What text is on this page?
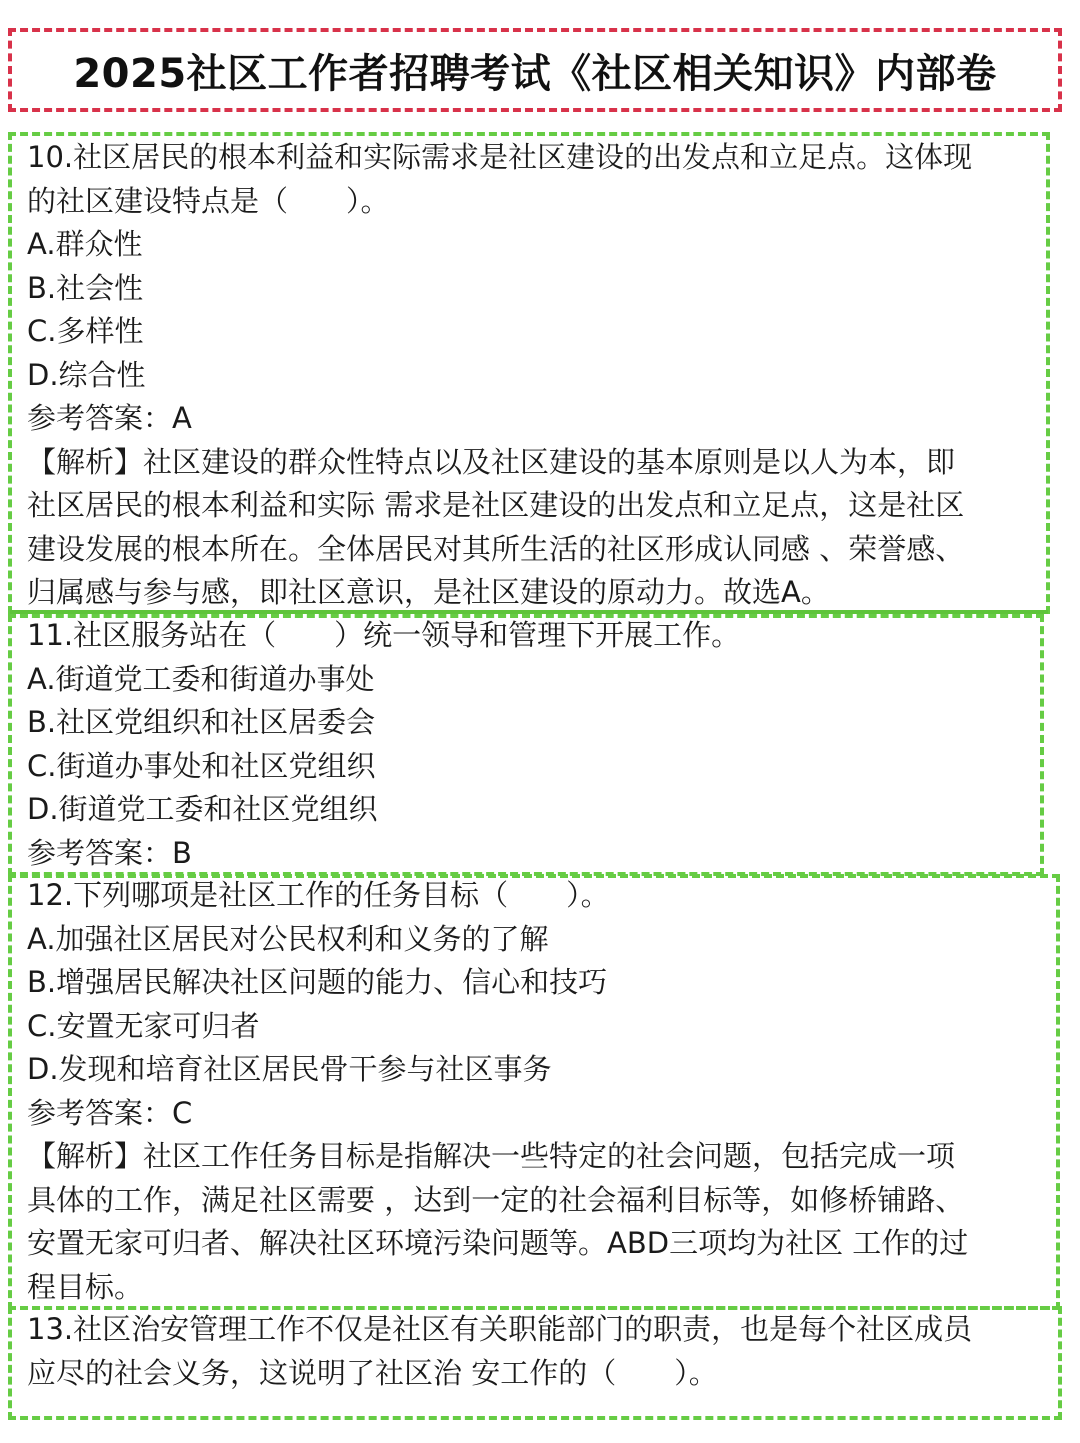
2025社区工作者招聘考试《社区相关知识》内部卷
10.社区居民的根本利益和实际需求是社区建设的出发点和立足点。这体现
的社区建设特点是（　　）。
A.群众性
B.社会性
C.多样性
D.综合性
参考答案：A
【解析】社区建设的群众性特点以及社区建设的基本原则是以人为本，即
社区居民的根本利益和实际 需求是社区建设的出发点和立足点，这是社区
建设发展的根本所在。全体居民对其所生活的社区形成认同感 、荣誉感、
归属感与参与感，即社区意识，是社区建设的原动力。故选A。
11.社区服务站在（　　）统一领导和管理下开展工作。
A.街道党工委和街道办事处
B.社区党组织和社区居委会
C.街道办事处和社区党组织
D.街道党工委和社区党组织
参考答案：B
12.下列哪项是社区工作的任务目标（　　）。
A.加强社区居民对公民权利和义务的了解
B.增强居民解决社区问题的能力、信心和技巧
C.安置无家可归者
D.发现和培育社区居民骨干参与社区事务
参考答案：C
【解析】社区工作任务目标是指解决一些特定的社会问题，包括完成一项
具体的工作，满足社区需要 ，达到一定的社会福利目标等，如修桥铺路、
安置无家可归者、解决社区环境污染问题等。ABD三项均为社区 工作的过
程目标。
13.社区治安管理工作不仅是社区有关职能部门的职责，也是每个社区成员
应尽的社会义务，这说明了社区治 安工作的（　　）。
